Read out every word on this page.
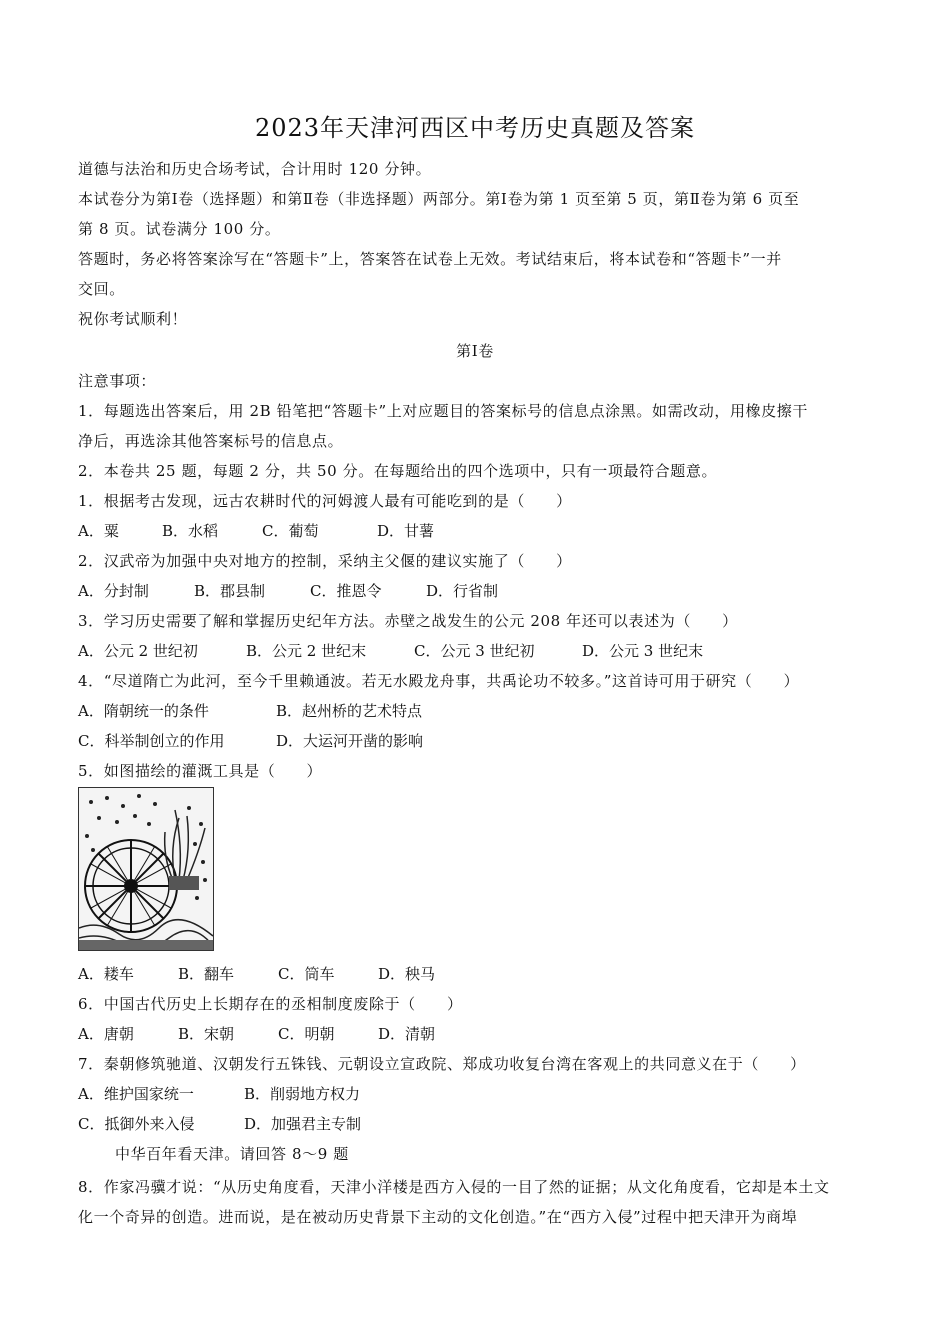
2023年天津河西区中考历史真题及答案
道德与法治和历史合场考试，合计用时 120 分钟。
本试卷分为第Ⅰ卷（选择题）和第Ⅱ卷（非选择题）两部分。第Ⅰ卷为第 1 页至第 5 页，第Ⅱ卷为第 6 页至
第 8 页。试卷满分 100 分。
答题时，务必将答案涂写在“答题卡”上，答案答在试卷上无效。考试结束后，将本试卷和“答题卡”一并
交回。
祝你考试顺利！
第Ⅰ卷
注意事项：
1．每题选出答案后，用 2B 铅笔把“答题卡”上对应题目的答案标号的信息点涂黑。如需改动，用橡皮擦干
净后，再选涂其他答案标号的信息点。
2．本卷共 25 题，每题 2 分，共 50 分。在每题给出的四个选项中，只有一项最符合题意。
1．根据考古发现，远古农耕时代的河姆渡人最有可能吃到的是（　　）
A．粟	B．水稻	C．葡萄	D．甘薯
2．汉武帝为加强中央对地方的控制，采纳主父偃的建议实施了（　　）
A．分封制	B．郡县制	C．推恩令	D．行省制
3．学习历史需要了解和掌握历史纪年方法。赤壁之战发生的公元 208 年还可以表述为（　　）
A．公元 2 世纪初	B．公元 2 世纪末	C．公元 3 世纪初	D．公元 3 世纪末
4．“尽道隋亡为此河，至今千里赖通波。若无水殿龙舟事，共禹论功不较多。”这首诗可用于研究（　　）
A．隋朝统一的条件	B．赵州桥的艺术特点
C．科举制创立的作用	D．大运河开凿的影响
5．如图描绘的灌溉工具是（　　）
A．耧车	B．翻车	C．筒车	D．秧马
6．中国古代历史上长期存在的丞相制度废除于（　　）
A．唐朝	B．宋朝	C．明朝	D．清朝
7．秦朝修筑驰道、汉朝发行五铢钱、元朝设立宣政院、郑成功收复台湾在客观上的共同意义在于（　　）
A．维护国家统一	B．削弱地方权力
C．抵御外来入侵	D．加强君主专制
中华百年看天津。请回答 8～9 题
8．作家冯骥才说：“从历史角度看，天津小洋楼是西方入侵的一目了然的证据；从文化角度看，它却是本土文
化一个奇异的创造。进而说，是在被动历史背景下主动的文化创造。”在“西方入侵”过程中把天津开为商埠
